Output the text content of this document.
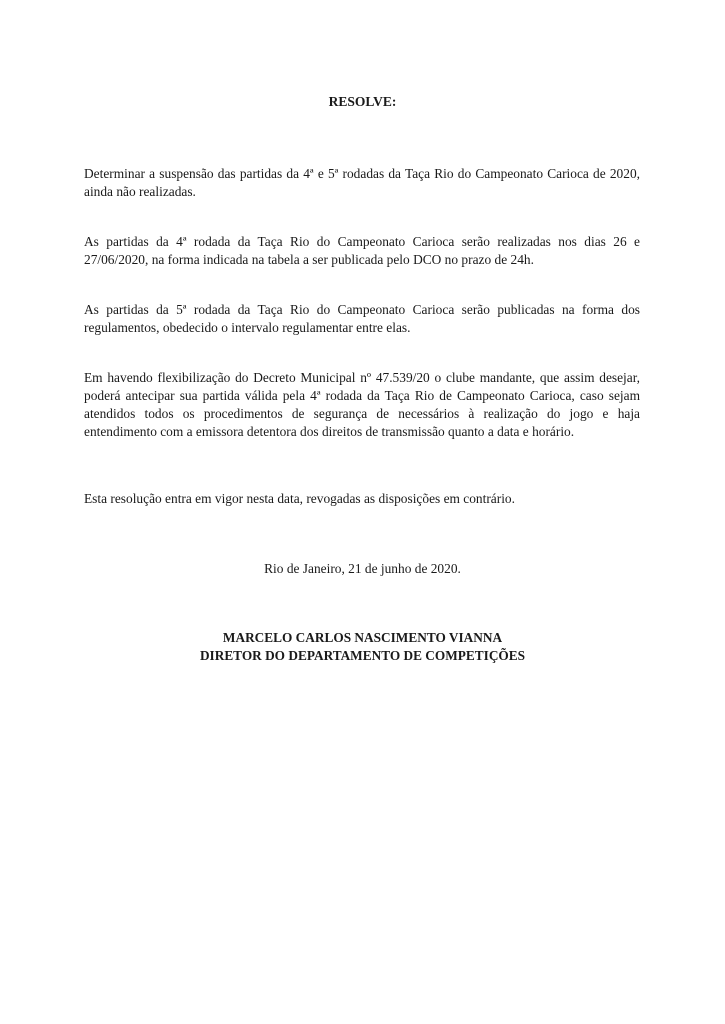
RESOLVE:

Determinar a suspensão das partidas da 4ª e 5ª rodadas da Taça Rio do Campeonato Carioca de 2020, ainda não realizadas.

As partidas da 4ª rodada da Taça Rio do Campeonato Carioca serão realizadas nos dias 26 e 27/06/2020, na forma indicada na tabela a ser publicada pelo DCO no prazo de 24h.

As partidas da 5ª rodada da Taça Rio do Campeonato Carioca serão publicadas na forma dos regulamentos, obedecido o intervalo regulamentar entre elas.

Em havendo flexibilização do Decreto Municipal nº 47.539/20 o clube mandante, que assim desejar, poderá antecipar sua partida válida pela 4ª rodada da Taça Rio de Campeonato Carioca, caso sejam atendidos todos os procedimentos de segurança de necessários à realização do jogo e haja entendimento com a emissora detentora dos direitos de transmissão quanto a data e horário.

Esta resolução entra em vigor nesta data, revogadas as disposições em contrário.

Rio de Janeiro, 21 de junho de 2020.
MARCELO CARLOS NASCIMENTO VIANNA
DIRETOR DO DEPARTAMENTO DE COMPETIÇÕES
